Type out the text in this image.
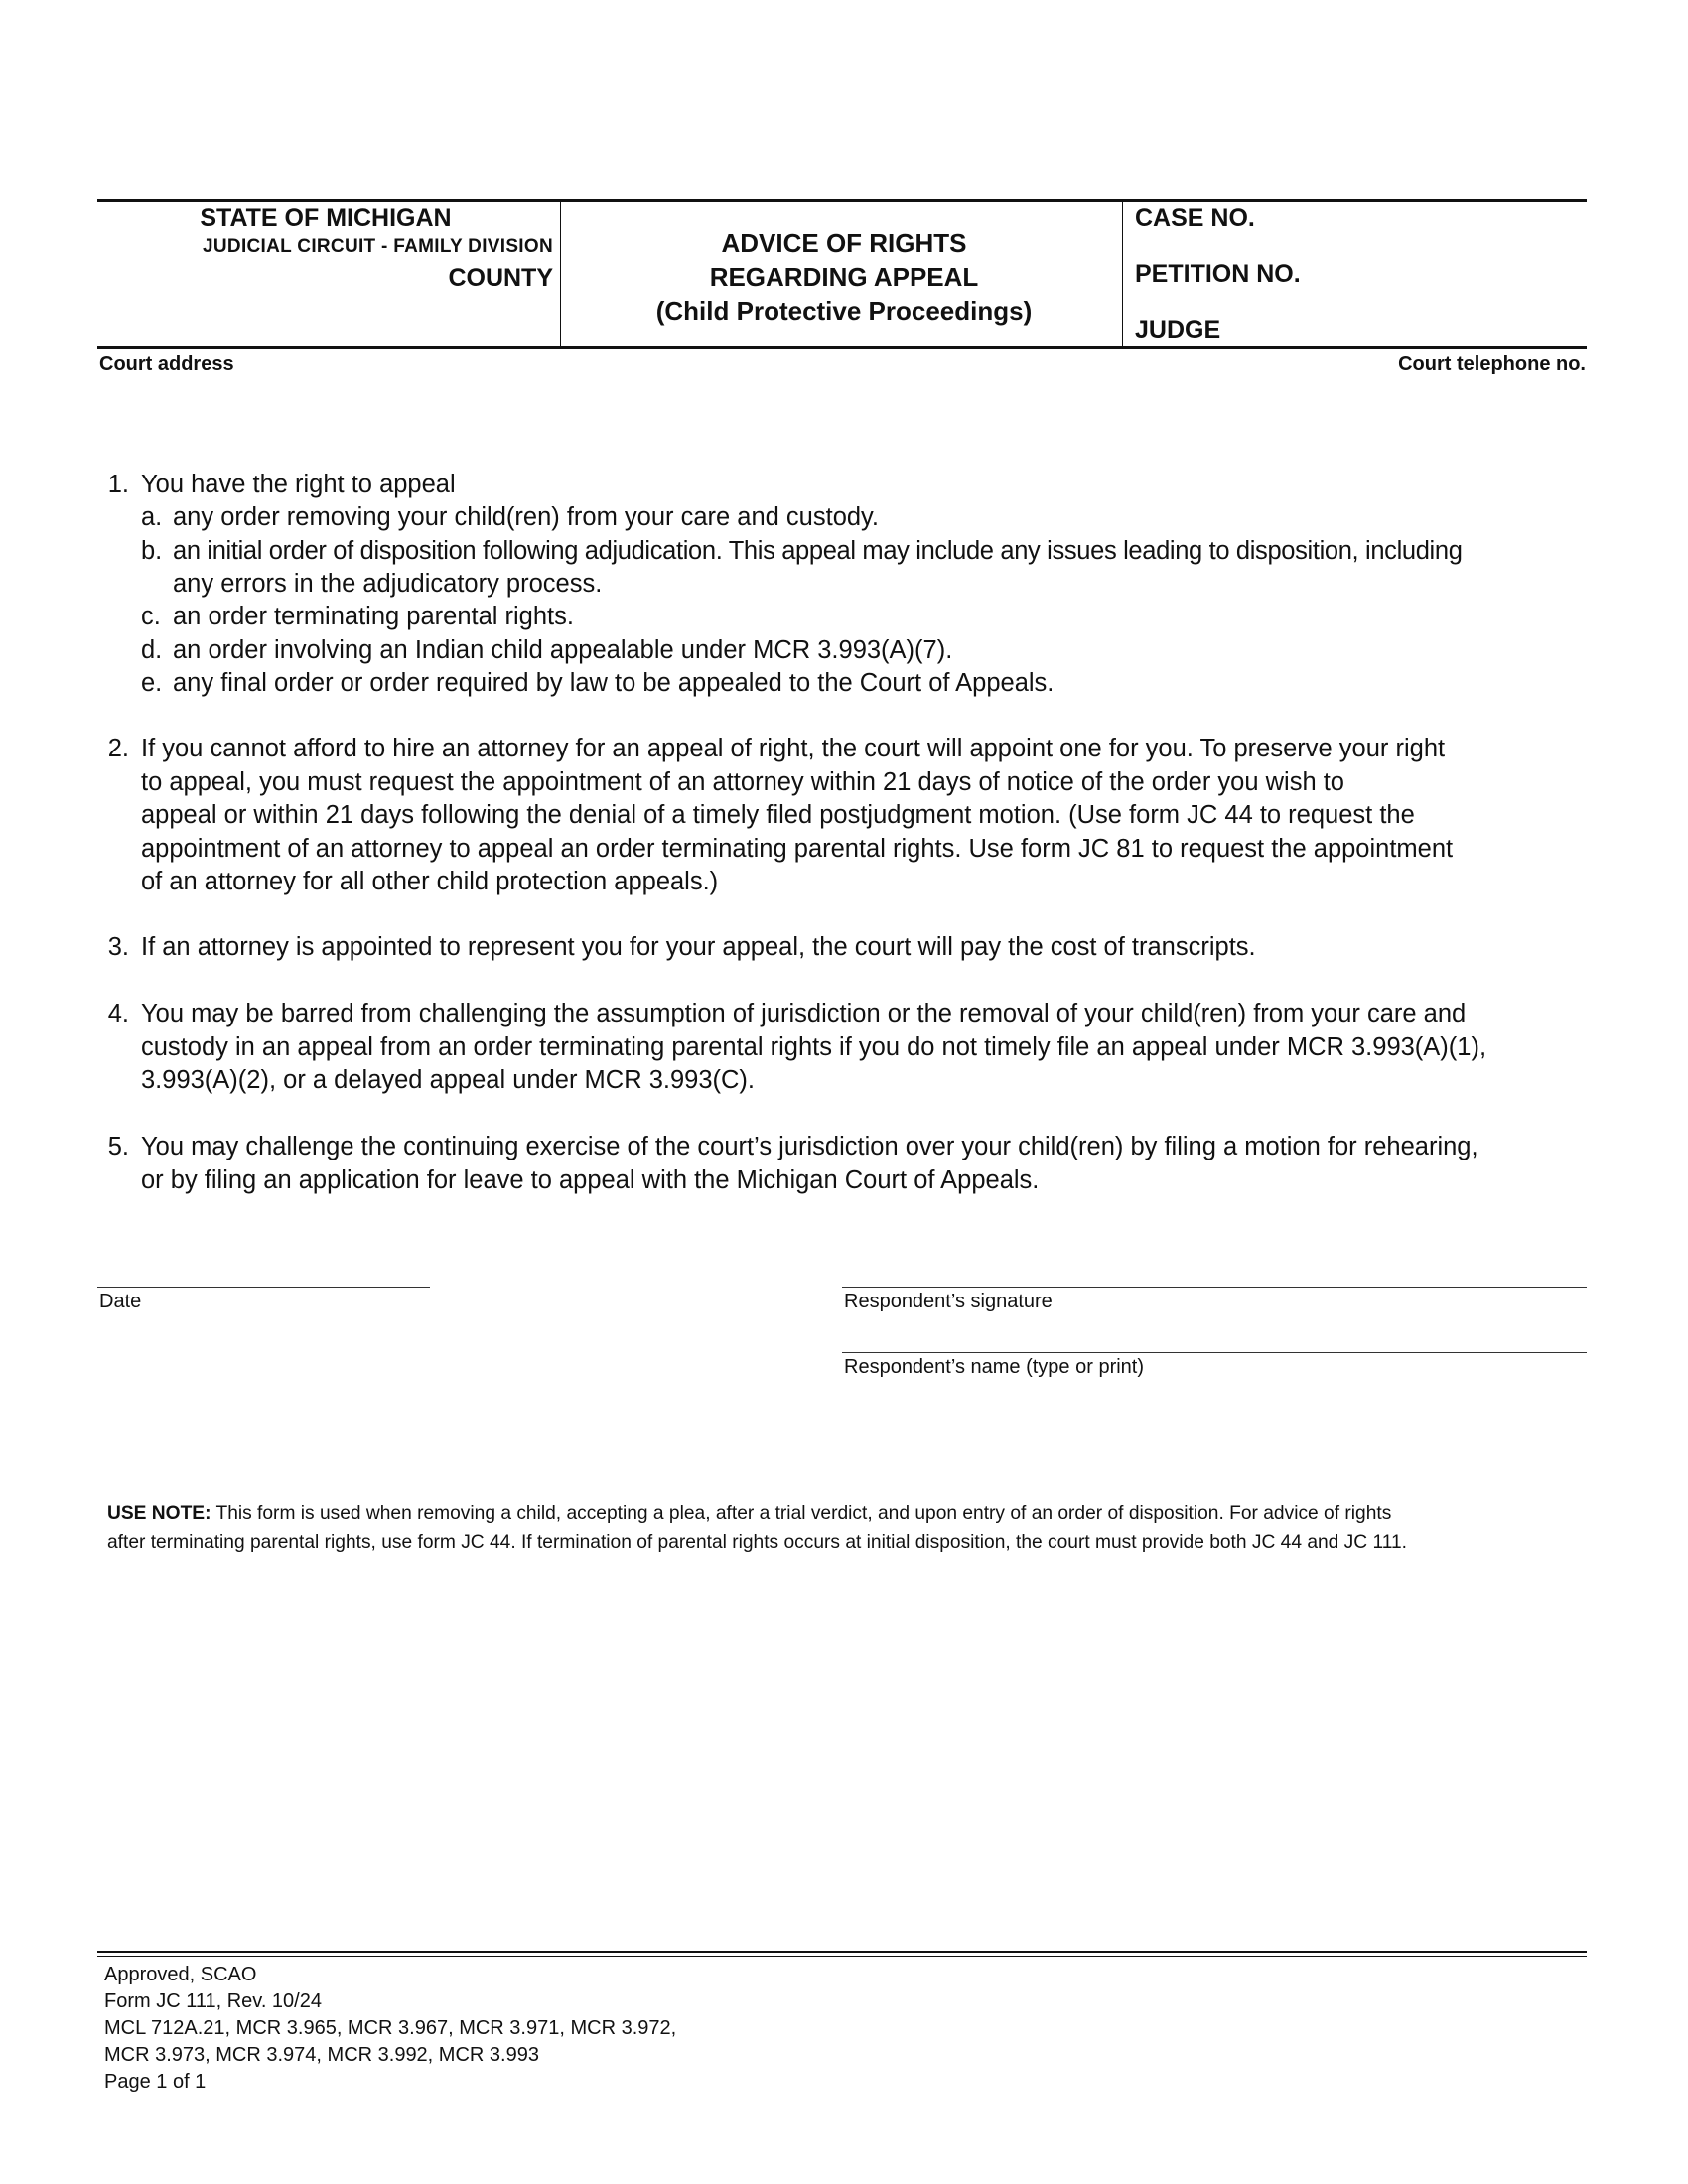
STATE OF MICHIGAN
JUDICIAL CIRCUIT - FAMILY DIVISION
COUNTY
ADVICE OF RIGHTS
REGARDING APPEAL
(Child Protective Proceedings)
CASE NO.
PETITION NO.
JUDGE
Court address	Court telephone no.
1. You have the right to appeal
a. any order removing your child(ren) from your care and custody.
b. an initial order of disposition following adjudication. This appeal may include any issues leading to disposition, including
any errors in the adjudicatory process.
c. an order terminating parental rights.
d. an order involving an Indian child appealable under MCR 3.993(A)(7).
e. any final order or order required by law to be appealed to the Court of Appeals.
2. If you cannot afford to hire an attorney for an appeal of right, the court will appoint one for you. To preserve your right
to appeal, you must request the appointment of an attorney within 21 days of notice of the order you wish to
appeal or within 21 days following the denial of a timely filed postjudgment motion. (Use form JC 44 to request the
appointment of an attorney to appeal an order terminating parental rights. Use form JC 81 to request the appointment
of an attorney for all other child protection appeals.)
3. If an attorney is appointed to represent you for your appeal, the court will pay the cost of transcripts.
4. You may be barred from challenging the assumption of jurisdiction or the removal of your child(ren) from your care and
custody in an appeal from an order terminating parental rights if you do not timely file an appeal under MCR 3.993(A)(1),
3.993(A)(2), or a delayed appeal under MCR 3.993(C).
5. You may challenge the continuing exercise of the court’s jurisdiction over your child(ren) by filing a motion for rehearing,
or by filing an application for leave to appeal with the Michigan Court of Appeals.
Date	Respondent’s signature
Respondent’s name (type or print)
USE NOTE: This form is used when removing a child, accepting a plea, after a trial verdict, and upon entry of an order of disposition. For advice of rights
after terminating parental rights, use form JC 44. If termination of parental rights occurs at initial disposition, the court must provide both JC 44 and JC 111.
Approved, SCAO
Form JC 111, Rev. 10/24
MCL 712A.21, MCR 3.965, MCR 3.967, MCR 3.971, MCR 3.972,
MCR 3.973, MCR 3.974, MCR 3.992, MCR 3.993
Page 1 of 1
